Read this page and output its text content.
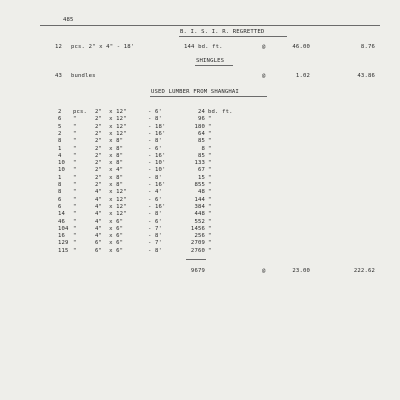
485
B. I. S. I. R. REGRETTED
12 pcs. 2" x 4" - 18'	144 bd. ft.	@	46.00	8.76
SHINGLES
43 bundles	@	1.02	43.86
USED LUMBER FROM SHANGHAI
2 pcs. 2"  x 12"	- 6'	24 bd. ft.
6 "	2"  x 12"	- 8'	96 "
5 "	2"  x 12"	- 18'	180 "
2 "	2"  x 12"	- 16'	64 "
8 "	2"  x 8"	- 8'	85 "
1 "	2"  x 8"	- 6'	8 "
4 "	2"  x 8"	- 16'	85 "
10 "	2"  x 8"	- 10'	133 "
10 "	2"  x 4"	- 10'	67 "
1 "	2"  x 8"	- 8'	15 "
8 "	2"  x 8"	- 16'	855 "
8 "	4"  x 12"	- 4'	48 "
6 "	4"  x 12"	- 6'	144 "
6 "	4"  x 12"	- 16'	384 "
14 "	4"  x 12"	- 8'	448 "
46 "	4"  x 6"	- 6'	552 "
104 "	4"  x 6"	- 7'	1456 "
16 "	4"  x 6"	- 8'	256 "
129 "	6"  x 6"	- 7'	2709 "
115 "	6"  x 6"	- 8'	2760 "
9679	@	23.00	222.62
